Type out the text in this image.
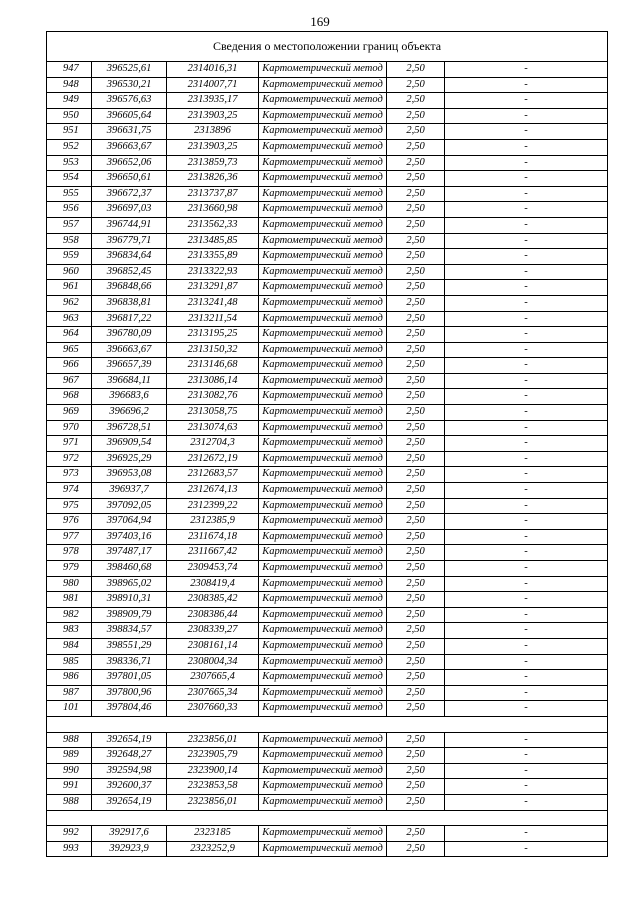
169
Сведения о местоположении границ объекта
947	396525,61	2314016,31	Картометрический метод	2,50	-
948	396530,21	2314007,71	Картометрический метод	2,50	-
949	396576,63	2313935,17	Картометрический метод	2,50	-
950	396605,64	2313903,25	Картометрический метод	2,50	-
951	396631,75	2313896	Картометрический метод	2,50	-
952	396663,67	2313903,25	Картометрический метод	2,50	-
953	396652,06	2313859,73	Картометрический метод	2,50	-
954	396650,61	2313826,36	Картометрический метод	2,50	-
955	396672,37	2313737,87	Картометрический метод	2,50	-
956	396697,03	2313660,98	Картометрический метод	2,50	-
957	396744,91	2313562,33	Картометрический метод	2,50	-
958	396779,71	2313485,85	Картометрический метод	2,50	-
959	396834,64	2313355,89	Картометрический метод	2,50	-
960	396852,45	2313322,93	Картометрический метод	2,50	-
961	396848,66	2313291,87	Картометрический метод	2,50	-
962	396838,81	2313241,48	Картометрический метод	2,50	-
963	396817,22	2313211,54	Картометрический метод	2,50	-
964	396780,09	2313195,25	Картометрический метод	2,50	-
965	396663,67	2313150,32	Картометрический метод	2,50	-
966	396657,39	2313146,68	Картометрический метод	2,50	-
967	396684,11	2313086,14	Картометрический метод	2,50	-
968	396683,6	2313082,76	Картометрический метод	2,50	-
969	396696,2	2313058,75	Картометрический метод	2,50	-
970	396728,51	2313074,63	Картометрический метод	2,50	-
971	396909,54	2312704,3	Картометрический метод	2,50	-
972	396925,29	2312672,19	Картометрический метод	2,50	-
973	396953,08	2312683,57	Картометрический метод	2,50	-
974	396937,7	2312674,13	Картометрический метод	2,50	-
975	397092,05	2312399,22	Картометрический метод	2,50	-
976	397064,94	2312385,9	Картометрический метод	2,50	-
977	397403,16	2311674,18	Картометрический метод	2,50	-
978	397487,17	2311667,42	Картометрический метод	2,50	-
979	398460,68	2309453,74	Картометрический метод	2,50	-
980	398965,02	2308419,4	Картометрический метод	2,50	-
981	398910,31	2308385,42	Картометрический метод	2,50	-
982	398909,79	2308386,44	Картометрический метод	2,50	-
983	398834,57	2308339,27	Картометрический метод	2,50	-
984	398551,29	2308161,14	Картометрический метод	2,50	-
985	398336,71	2308004,34	Картометрический метод	2,50	-
986	397801,05	2307665,4	Картометрический метод	2,50	-
987	397800,96	2307665,34	Картометрический метод	2,50	-
101	397804,46	2307660,33	Картометрический метод	2,50	-
988	392654,19	2323856,01	Картометрический метод	2,50	-
989	392648,27	2323905,79	Картометрический метод	2,50	-
990	392594,98	2323900,14	Картометрический метод	2,50	-
991	392600,37	2323853,58	Картометрический метод	2,50	-
988	392654,19	2323856,01	Картометрический метод	2,50	-
992	392917,6	2323185	Картометрический метод	2,50	-
993	392923,9	2323252,9	Картометрический метод	2,50	-
